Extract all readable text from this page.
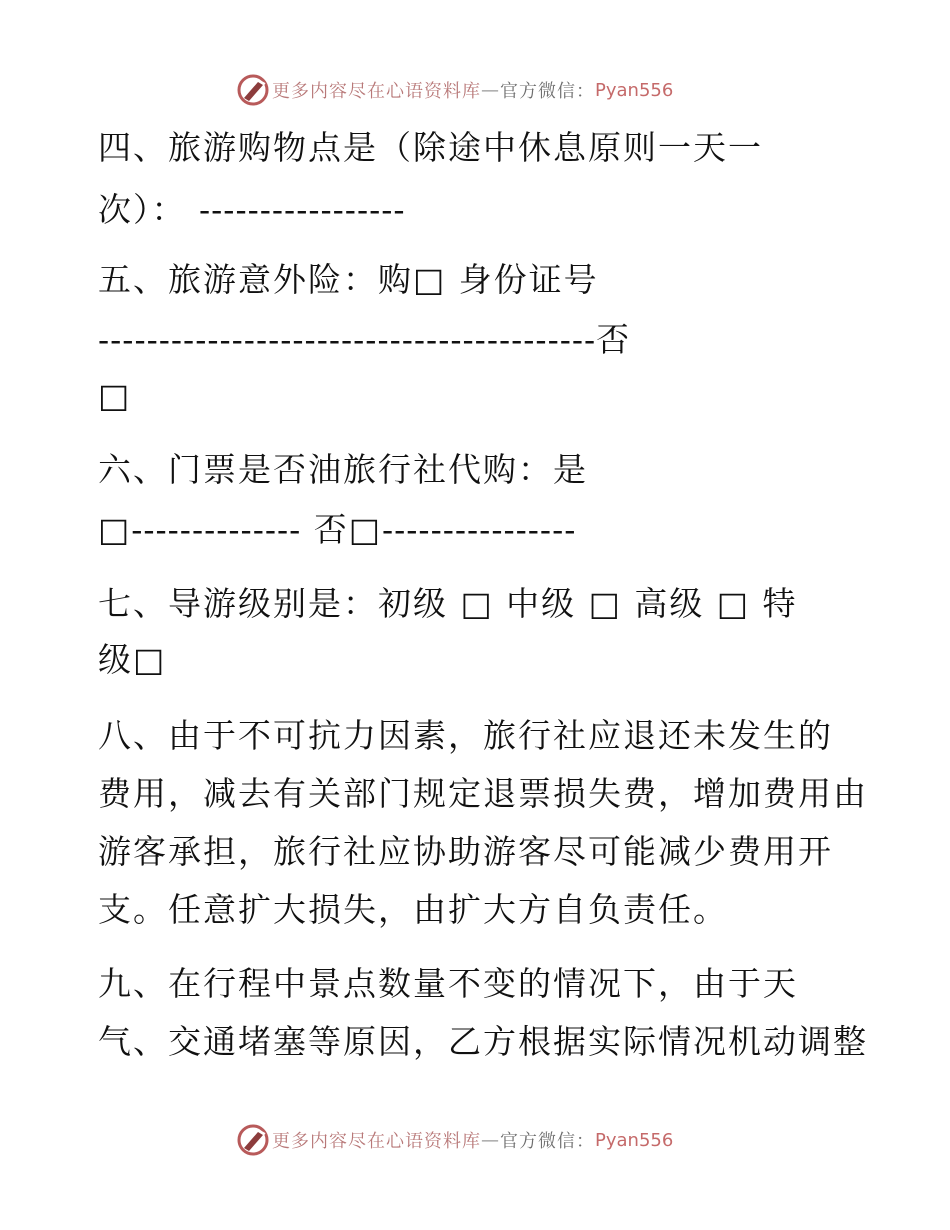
更多内容尽在心语资料库 — 官方微信： Pyan556
四、旅游购物点是（除途中休息原则一天一
次）： -----------------
五、旅游意外险：购□ 身份证号
-----------------------------------------否
□
六、门票是否油旅行社代购：是
□-------------- 否□----------------
七、导游级别是：初级 □ 中级 □ 高级 □ 特
级□
八、由于不可抗力因素，旅行社应退还未发生的
费用，减去有关部门规定退票损失费，增加费用由
游客承担，旅行社应协助游客尽可能减少费用开
支。任意扩大损失，由扩大方自负责任。
九、在行程中景点数量不变的情况下，由于天
气、交通堵塞等原因，乙方根据实际情况机动调整
更多内容尽在心语资料库 — 官方微信： Pyan556
